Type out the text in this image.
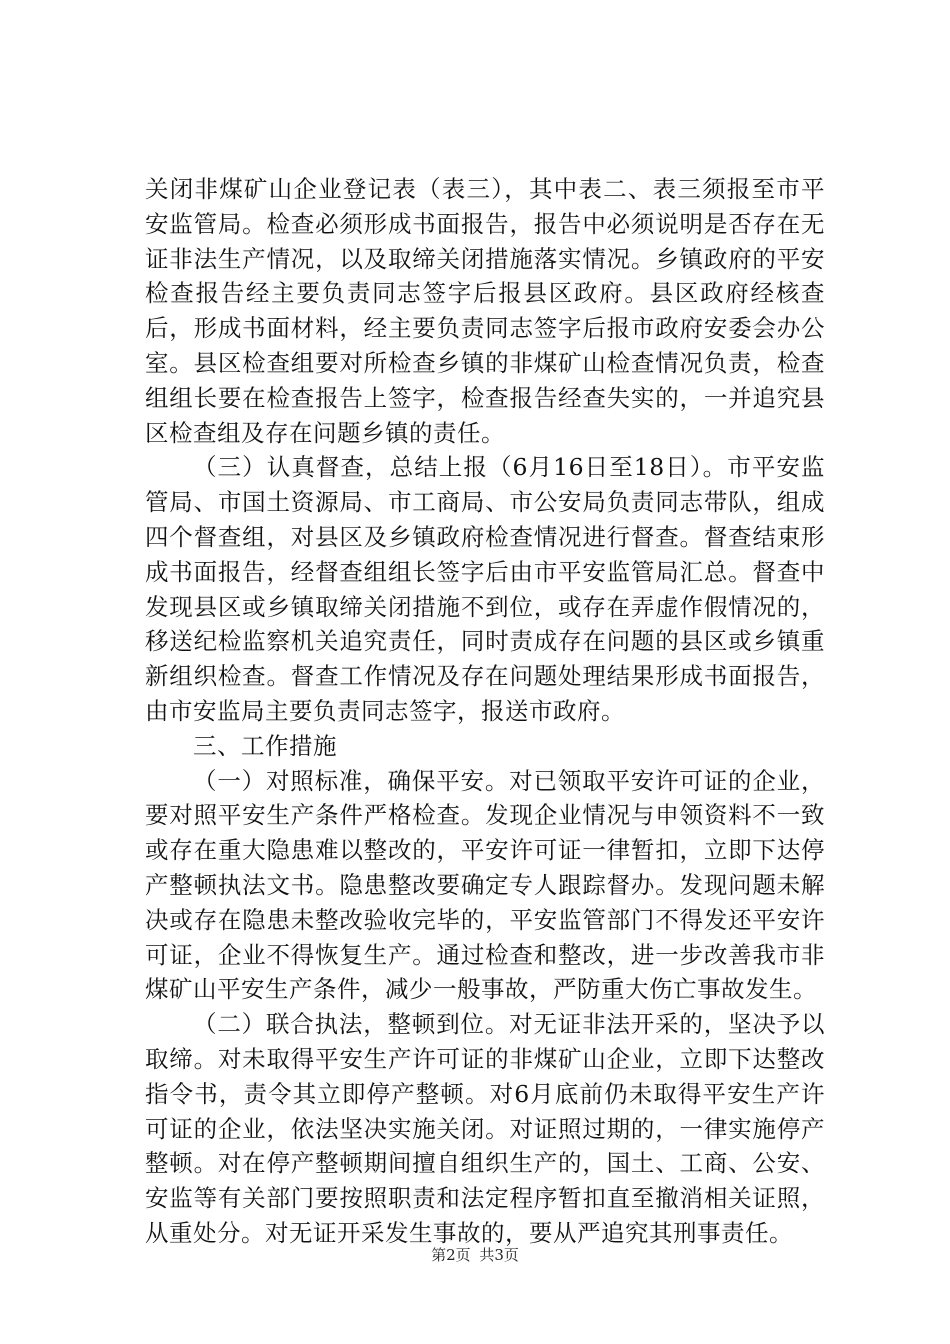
关闭非煤矿山企业登记表（表三），其中表二、表三须报至市平安监管局。检查必须形成书面报告，报告中必须说明是否存在无证非法生产情况，以及取缔关闭措施落实情况。乡镇政府的平安检查报告经主要负责同志签字后报县区政府。县区政府经核查后，形成书面材料，经主要负责同志签字后报市政府安委会办公室。县区检查组要对所检查乡镇的非煤矿山检查情况负责，检查组组长要在检查报告上签字，检查报告经查失实的，一并追究县区检查组及存在问题乡镇的责任。

（三）认真督查，总结上报（6月16日至18日）。市平安监管局、市国土资源局、市工商局、市公安局负责同志带队，组成四个督查组，对县区及乡镇政府检查情况进行督查。督查结束形成书面报告，经督查组组长签字后由市平安监管局汇总。督查中发现县区或乡镇取缔关闭措施不到位，或存在弄虚作假情况的，移送纪检监察机关追究责任，同时责成存在问题的县区或乡镇重新组织检查。督查工作情况及存在问题处理结果形成书面报告，由市安监局主要负责同志签字，报送市政府。

三、工作措施

（一）对照标准，确保平安。对已领取平安许可证的企业，要对照平安生产条件严格检查。发现企业情况与申领资料不一致或存在重大隐患难以整改的，平安许可证一律暂扣，立即下达停产整顿执法文书。隐患整改要确定专人跟踪督办。发现问题未解决或存在隐患未整改验收完毕的，平安监管部门不得发还平安许可证，企业不得恢复生产。通过检查和整改，进一步改善我市非煤矿山平安生产条件，减少一般事故，严防重大伤亡事故发生。

（二）联合执法，整顿到位。对无证非法开采的，坚决予以取缔。对未取得平安生产许可证的非煤矿山企业，立即下达整改指令书，责令其立即停产整顿。对6月底前仍未取得平安生产许可证的企业，依法坚决实施关闭。对证照过期的，一律实施停产整顿。对在停产整顿期间擅自组织生产的，国土、工商、公安、安监等有关部门要按照职责和法定程序暂扣直至撤消相关证照，从重处分。对无证开采发生事故的，要从严追究其刑事责任。

第2页 共3页
